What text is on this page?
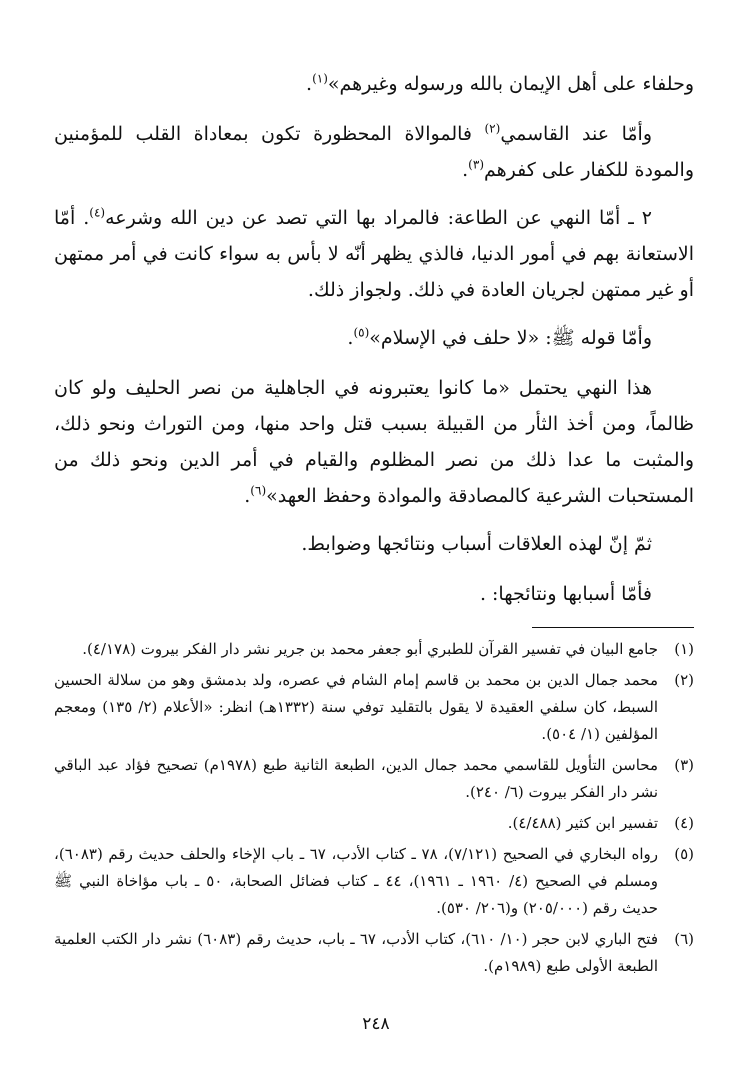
وحلفاء على أهل الإيمان بالله ورسوله وغيرهم»$^{(١)}$.

وأمّا عند القاسمي$^{(٢)}$ فالموالاة المحظورة تكون بمعاداة القلب للمؤمنين والمودة للكفار على كفرهم$^{(٣)}$.

٢ ـ أمّا النهي عن الطاعة: فالمراد بها التي تصد عن دين الله وشرعه$^{(٤)}$. أمّا الاستعانة بهم في أمور الدنيا، فالذي يظهر أنّه لا بأس به سواء كانت في أمر ممتهن أو غير ممتهن لجريان العادة في ذلك. ولجواز ذلك.

وأمّا قوله ﷺ: «لا حلف في الإسلام»$^{(٥)}$.

هذا النهي يحتمل «ما كانوا يعتبرونه في الجاهلية من نصر الحليف ولو كان ظالماً، ومن أخذ الثأر من القبيلة بسبب قتل واحد منها، ومن التوراث ونحو ذلك، والمثبت ما عدا ذلك من نصر المظلوم والقيام في أمر الدين ونحو ذلك من المستحبات الشرعية كالمصادقة والموادة وحفظ العهد»$^{(٦)}$.

ثمّ إنّ لهذه العلاقات أسباب ونتائجها وضوابط.

فأمّا أسبابها ونتائجها: .

(١)
جامع البيان في تفسير القرآن للطبري أبو جعفر محمد بن جرير نشر دار الفكر بيروت (٤/١٧٨).
(٢)
محمد جمال الدين بن محمد بن قاسم إمام الشام في عصره، ولد بدمشق وهو من سلالة الحسين السبط، كان سلفي العقيدة لا يقول بالتقليد توفي سنة (١٣٣٢هـ) انظر: «الأعلام (٢/ ١٣٥) ومعجم المؤلفين (١/ ٥٠٤).
(٣)
محاسن التأويل للقاسمي محمد جمال الدين، الطبعة الثانية طبع (١٩٧٨م) تصحيح فؤاد عبد الباقي نشر دار الفكر بيروت (٦/ ٢٤٠).
(٤)
تفسير ابن كثير (٤/٤٨٨).
(٥)
رواه البخاري في الصحيح (٧/١٢١)، ٧٨ ـ كتاب الأدب، ٦٧ ـ باب الإخاء والحلف حديث رقم (٦٠٨٣)، ومسلم في الصحيح (٤/ ١٩٦٠ ـ ١٩٦١)، ٤٤ ـ كتاب فضائل الصحابة، ٥٠ ـ باب مؤاخاة النبي ﷺ حديث رقم (٢٠٥/٠٠٠) و(٢٠٦/ ٥٣٠).
(٦)
فتح الباري لابن حجر (١٠/ ٦١٠)، كتاب الأدب، ٦٧ ـ باب، حديث رقم (٦٠٨٣) نشر دار الكتب العلمية الطبعة الأولى طبع (١٩٨٩م).
٢٤٨
